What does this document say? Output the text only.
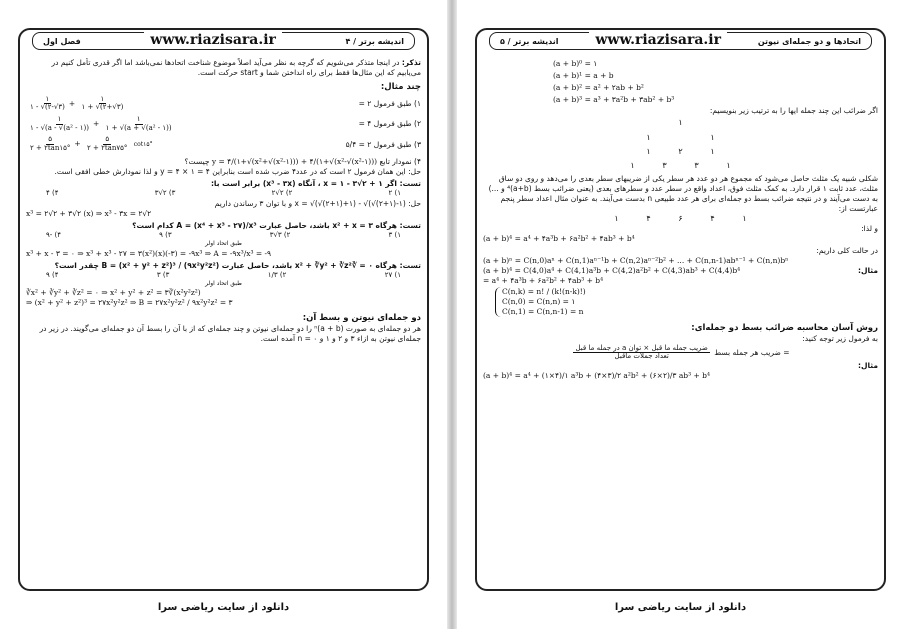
فصل اول	www.riazisara.ir	۴ / اندیشه برتر
تذکر: در اینجا متذکر می‌شویم که گرچه به نظر می‌آید اصلاً موضوع شناخت اتحادها نمی‌باشد اما اگر قدری تأمل کنیم در می‌یابیم که این مثال‌ها فقط برای راه انداختن شما و start حرکت است.
چند مثال:
۱) طبق فرمول ۲ =
$\frac{۱}{۱ - √(۲-√۳)} + \frac{۱}{۱ + √(۲+√۳)}$
۲) طبق فرمول ۴ =
$\frac{۱}{\text{۱ - √(a - √(a² - ۱))}} + \frac{۱}{\text{۱ + √(a + √(a² - ۱))}}$
۳) طبق فرمول ۲ = ۵/۴
$\frac{۵}{۲ + ۲\tan ۱۵^\circ} + \frac{۵}{۲ + ۲\tan ۷۵^\circ}$ cot۱۵°
۴) نمودار تابع y = ۴/(۱+√(x²+√(x²-۱))) + ۴/(۱+√(x²-√(x²-۱))) چیست؟
حل: این همان فرمول ۲ است که در عدد۴ ضرب شده است بنابراین ۴ = ۱ × ۴ = y و لذا نمودارش خطی افقی است.
تست: اگر ۱ + ۲√۳ - ۱ = x ، آنگاه (x³ - ۳x) برابر است با:
۱) ۲
۲) ۲√۲
۳) ۲√۳
۴) ۴
حل: x = √(√(۲+۱)+۱) - √(√(۲+۱)-۱) و با توان ۳ رساندن داریم
x³ = ۲√۲ + ۳√۲ (x) ⇒ x³ - ۳x = ۲√۲
تست: هرگاه ۳ = x² + x باشد، حاصل عبارت A = (x⁴ + x³ - ۲۷)/x³ کدام است؟
۱) ۳
۲) ۳√۳
۳) ۹
۴) -۹
طبق اتحاد اولر
x³ + x - ۳ = ۰ ⇒ x³ + x³ - ۲۷ = ۳(x²)(x)(-۳) = -۹x³ ⇒ A = -۹x³/x³ = -۹
تست: هرگاه ۰ = ∛x² + ∛y² + ∛z² باشد، حاصل عبارت B = (x² + y² + z²)³ / (۹x²y²z²) چقدر است؟
۱) ۲۷
۲) ۱/۳
۳) ۳
۴) ۹
طبق اتحاد اولر
∛x² + ∛y² + ∛z² = ۰ ⇒ x² + y² + z² = ۳∛(x²y²z²)
⇒ (x² + y² + z²)³ = ۲۷x²y²z² ⇒ B = ۲۷x²y²z² / ۹x²y²z² = ۳
دو جمله‌ای نیوتن و بسط آن:
هر دو جمله‌ای به صورت (a + b)ⁿ را دو جمله‌ای نیوتن و چند جمله‌ای که از با آن را بسط آن دو جمله‌ای می‌گویند. در زیر در جمله‌ای نیوتن به ازاء ۳ و ۲ و ۱ و ۰ = n آمده است.
دانلود از سایت ریاضی سرا
اندیشه برتر / ۵	www.riazisara.ir	اتحادها و دو جمله‌ای نیوتن
(a + b)⁰ = ۱
(a + b)¹ = a + b
(a + b)² = a² + ۲ab + b²
(a + b)³ = a³ + ۳a²b + ۳ab² + b³
اگر ضرائب این چند جمله ایها را به ترتیب زیر بنویسیم:
۱
۱	۱
۱	۲	۱
۱	۳	۳	۱
شکلی شبیه یک مثلث حاصل می‌شود که مجموع هر دو عدد هر سطر یکی از ضریبهای سطر بعدی را می‌دهد و روی دو ساق مثلث، عدد ثابت ۱ قرار دارد. به کمک مثلث فوق، اعداد واقع در سطر عدد و سطرهای بعدی (یعنی ضرائب بسط (a+b)⁴ و ...) به دست می‌آیند و در نتیجه ضرائب بسط دو جمله‌ای برای هر عدد طبیعی n بدست می‌آیند. به عنوان مثال اعداد سطر پنجم عبارتست از:
۱	۴	۶	۴	۱
و لذا:
(a + b)⁴ = a⁴ + ۴a³b + ۶a²b² + ۴ab³ + b⁴
در حالت کلی داریم:
(a + b)ⁿ = C(n,0)aⁿ + C(n,1)aⁿ⁻¹b + C(n,2)aⁿ⁻²b² + ... + C(n,n-1)abⁿ⁻¹ + C(n,n)bⁿ
مثال:
(a + b)⁴ = C(4,0)a⁴ + C(4,1)a³b + C(4,2)a²b² + C(4,3)ab³ + C(4,4)b⁴
= a⁴ + ۴a³b + ۶a²b² + ۴ab³ + b⁴
C(n,k) = n! / (k!(n-k)!)
C(n,0) = C(n,n) = ۱
C(n,1) = C(n,n-1) = n
روش آسان محاسبه ضرائب بسط دو جمله‌ای:
به فرمول زیر توجه کنید:
= ضریب هر جمله بسط
$\frac{\text{ضریب جمله ما قبل × توان a در جمله ما قبل}}{\text{تعداد جملات ماقبل}}$
مثال:
(a + b)⁴ = a⁴ + (۱×۴)/۱ a³b + (۴×۳)/۲ a²b² + (۶×۲)/۳ ab³ + b⁴
دانلود از سایت ریاضی سرا
